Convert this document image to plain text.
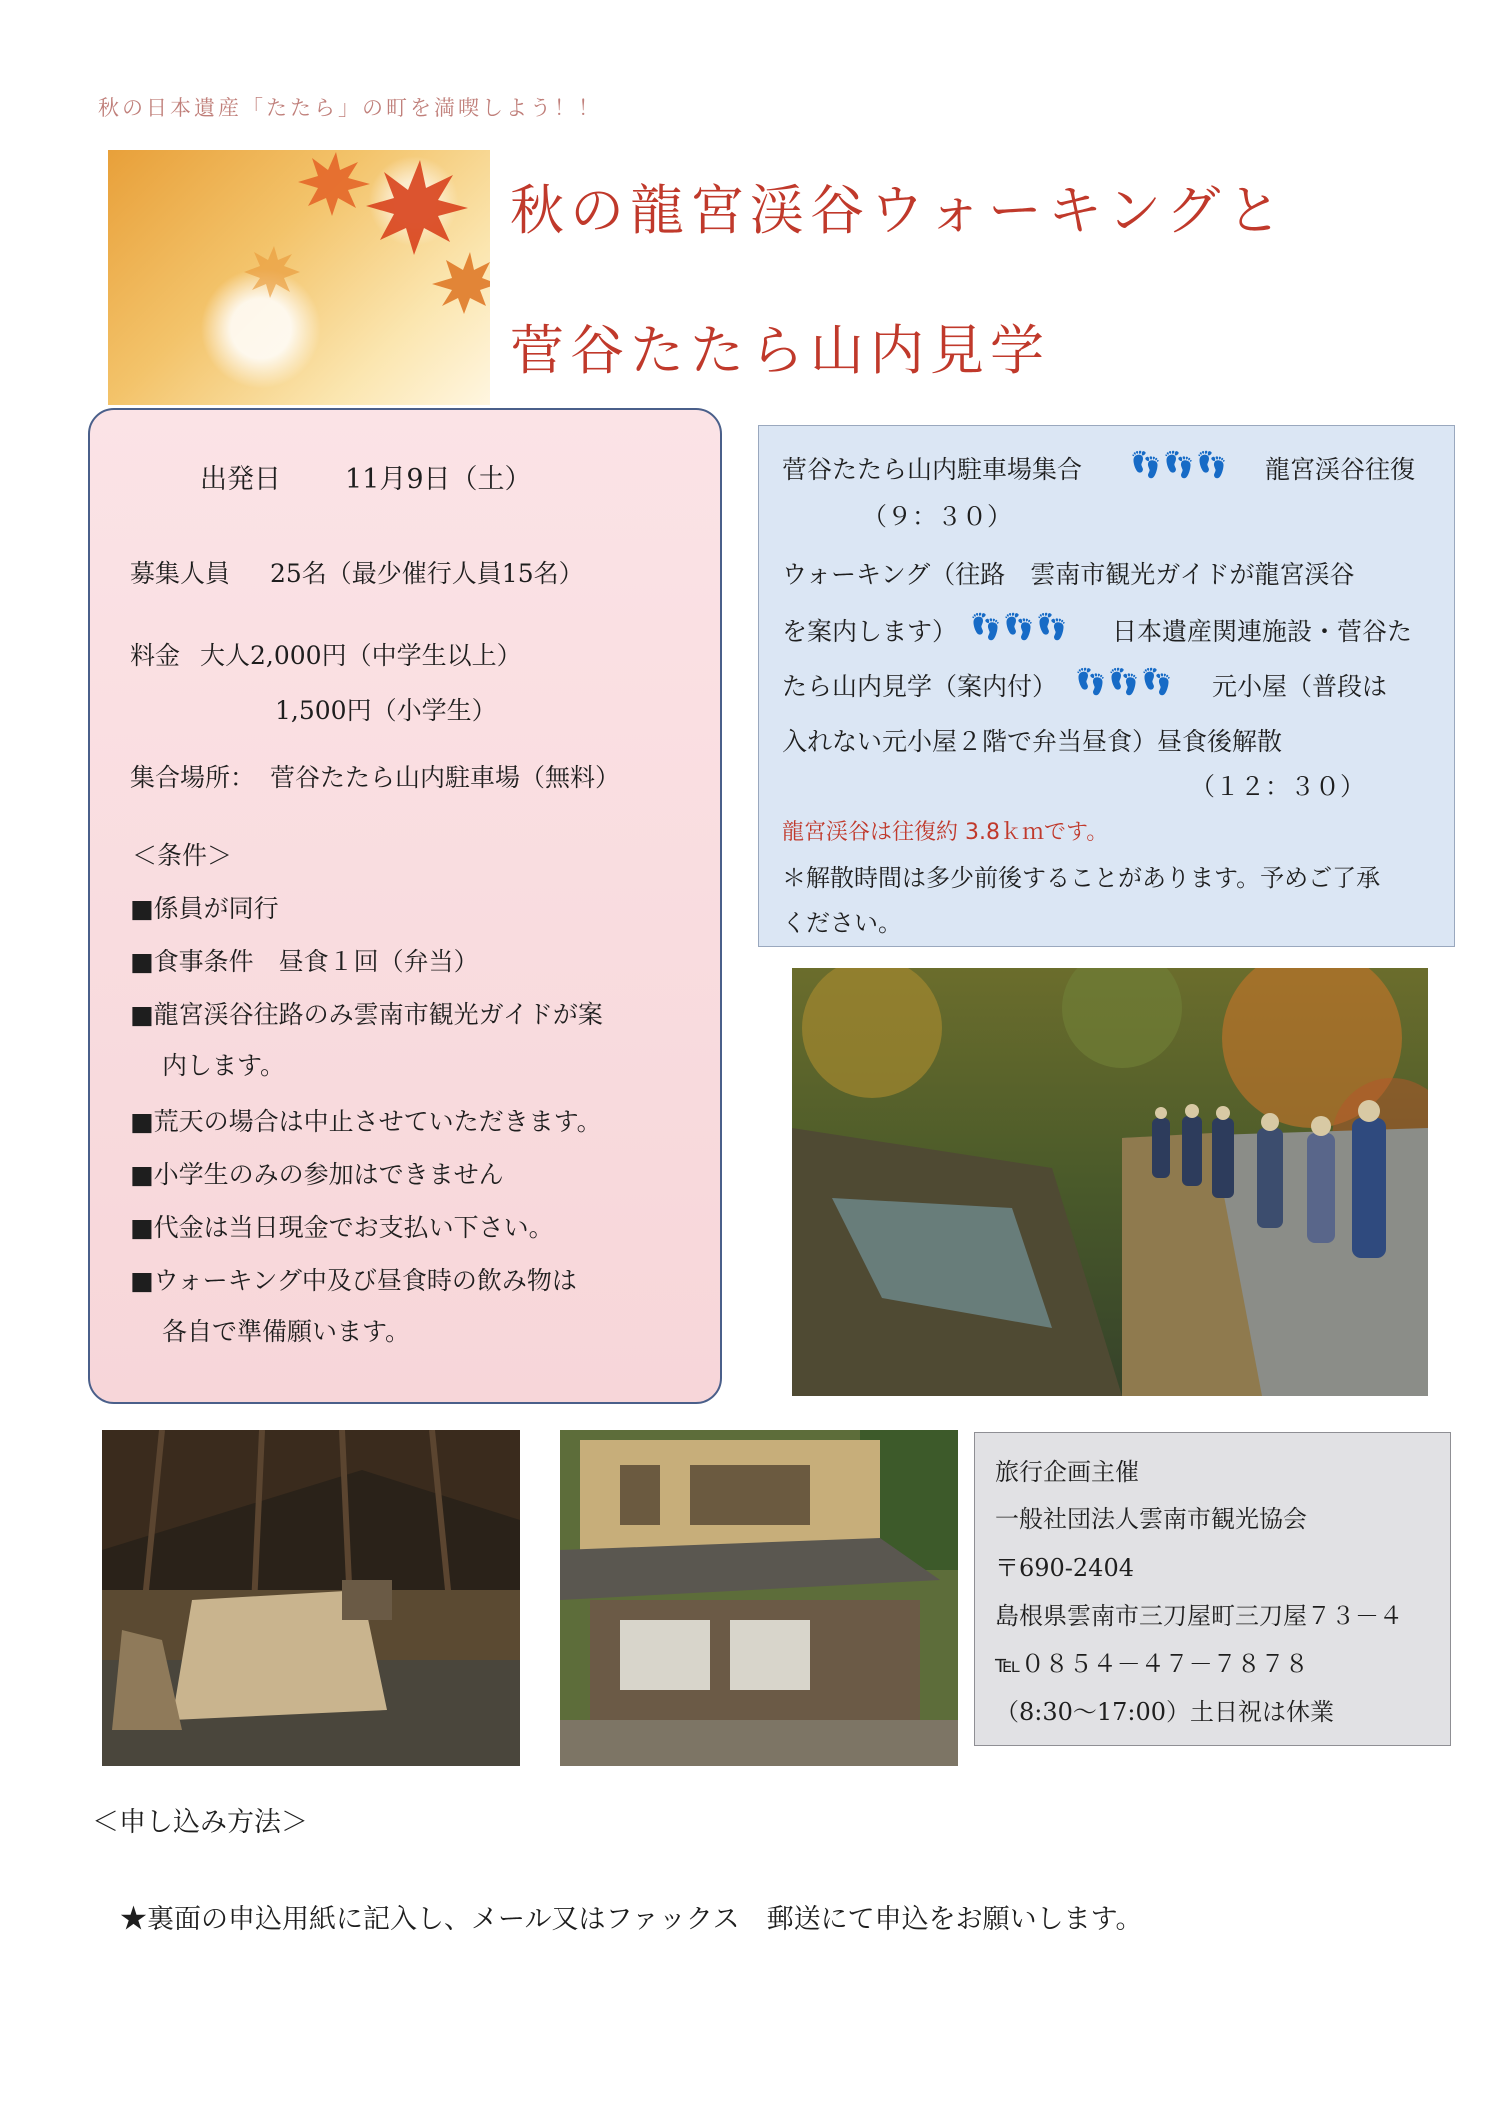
秋の日本遺産「たたら」の町を満喫しよう！！
秋の龍宮渓谷ウォーキングと
菅谷たたら山内見学
出発日 11月9日（土）
募集人員 25名（最少催行人員15名）
料金 大人2,000円（中学生以上）
1,500円（小学生）
集合場所： 菅谷たたら山内駐車場（無料）
＜条件＞
■係員が同行
■食事条件　昼食１回（弁当）
■龍宮渓谷往路のみ雲南市観光ガイドが案
内します。
■荒天の場合は中止させていただきます。
■小学生のみの参加はできません
■代金は当日現金でお支払い下さい。
■ウォーキング中及び昼食時の飲み物は
各自で準備願います。
菅谷たたら山内駐車場集合 👣👣👣 龍宮渓谷往復
（９：３０）
ウォーキング（往路　雲南市観光ガイドが龍宮渓谷
を案内します） 👣👣👣 日本遺産関連施設・菅谷た
たら山内見学（案内付） 👣👣👣 元小屋（普段は
入れない元小屋２階で弁当昼食）昼食後解散
（１２：３０）
龍宮渓谷は往復約 3.8ｋｍです。
＊解散時間は多少前後することがあります。予めご了承
ください。
旅行企画主催
一般社団法人雲南市観光協会
〒690-2404
島根県雲南市三刀屋町三刀屋７３－４
℡０８５４－４７－７８７８
（8:30～17:00）土日祝は休業
＜申し込み方法＞
★裏面の申込用紙に記入し、メール又はファックス　郵送にて申込をお願いします。
